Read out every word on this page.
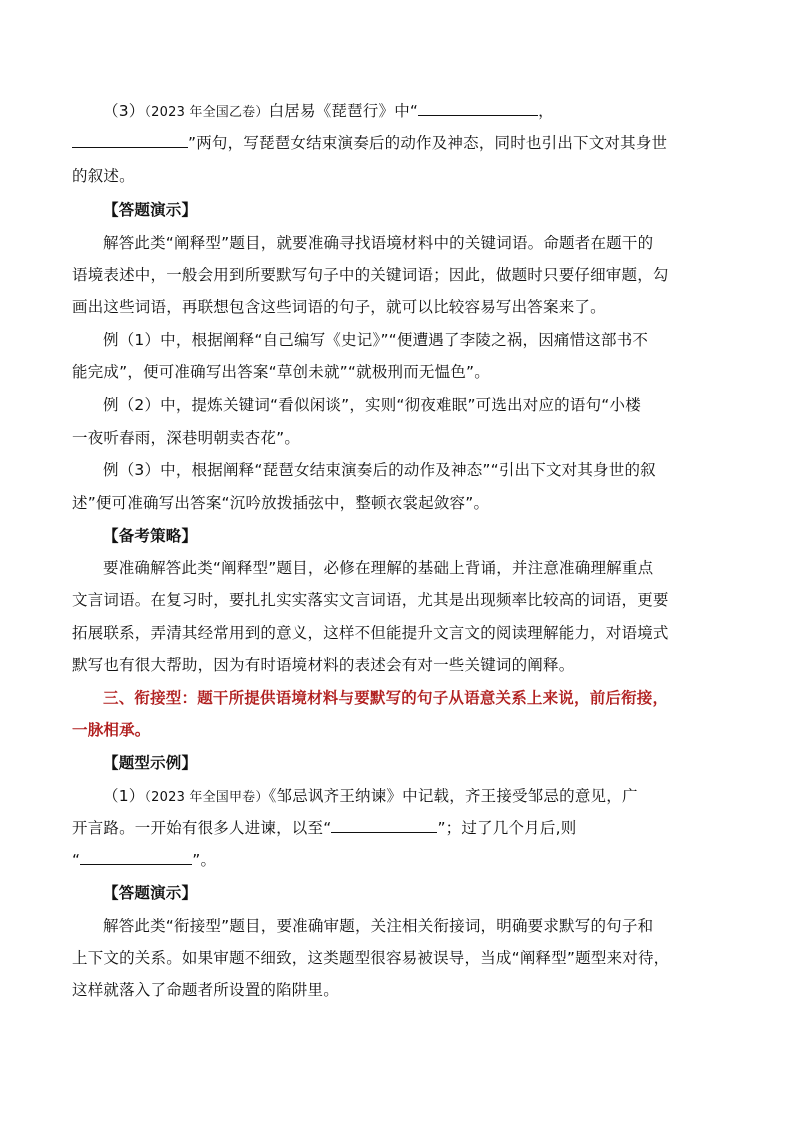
（3）（2023 年全国乙卷）白居易《琵琶行》中“	，
”两句，写琵琶女结束演奏后的动作及神态，同时也引出下文对其身世
的叙述。
【答题演示】
解答此类“阐释型”题目，就要准确寻找语境材料中的关键词语。命题者在题干的
语境表述中，一般会用到所要默写句子中的关键词语；因此，做题时只要仔细审题，勾
画出这些词语，再联想包含这些词语的句子，就可以比较容易写出答案来了。
例（1）中，根据阐释“自己编写《史记》”“便遭遇了李陵之祸，因痛惜这部书不
能完成”，便可准确写出答案“草创未就”“就极刑而无愠色”。
例（2）中，提炼关键词“看似闲谈”，实则“彻夜难眠”可选出对应的语句“小楼
一夜听春雨，深巷明朝卖杏花”。
例（3）中，根据阐释“琵琶女结束演奏后的动作及神态”“引出下文对其身世的叙
述”便可准确写出答案“沉吟放拨插弦中，整顿衣裳起敛容”。
【备考策略】
要准确解答此类“阐释型”题目，必修在理解的基础上背诵，并注意准确理解重点
文言词语。在复习时，要扎扎实实落实文言词语，尤其是出现频率比较高的词语，更要
拓展联系，弄清其经常用到的意义，这样不但能提升文言文的阅读理解能力，对语境式
默写也有很大帮助，因为有时语境材料的表述会有对一些关键词的阐释。
三、衔接型：题干所提供语境材料与要默写的句子从语意关系上来说，前后衔接，
一脉相承。
【题型示例】
（1）（2023 年全国甲卷）《邹忌讽齐王纳谏》中记载，齐王接受邹忌的意见，广
开言路。一开始有很多人进谏，以至“	”；过了几个月后,则
“	”。
【答题演示】
解答此类“衔接型”题目，要准确审题，关注相关衔接词，明确要求默写的句子和
上下文的关系。如果审题不细致，这类题型很容易被误导，当成“阐释型”题型来对待，
这样就落入了命题者所设置的陷阱里。
